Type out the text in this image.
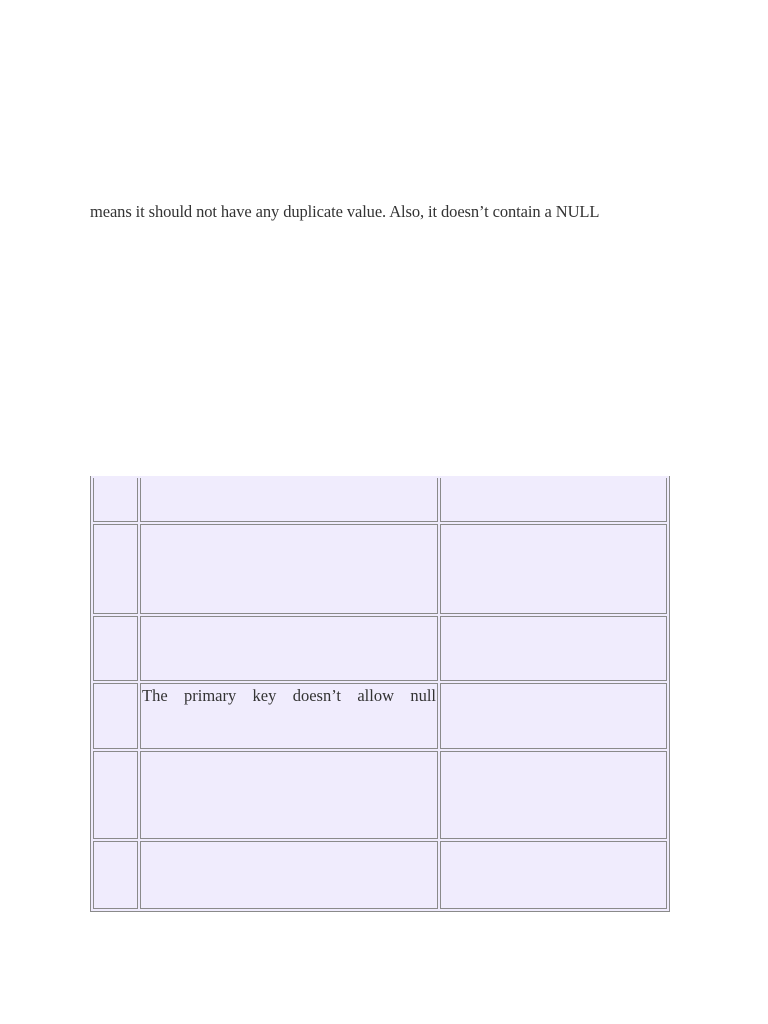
means it should not have any duplicate value. Also, it doesn’t contain a NULL

	The primary key doesn’t allow null	
